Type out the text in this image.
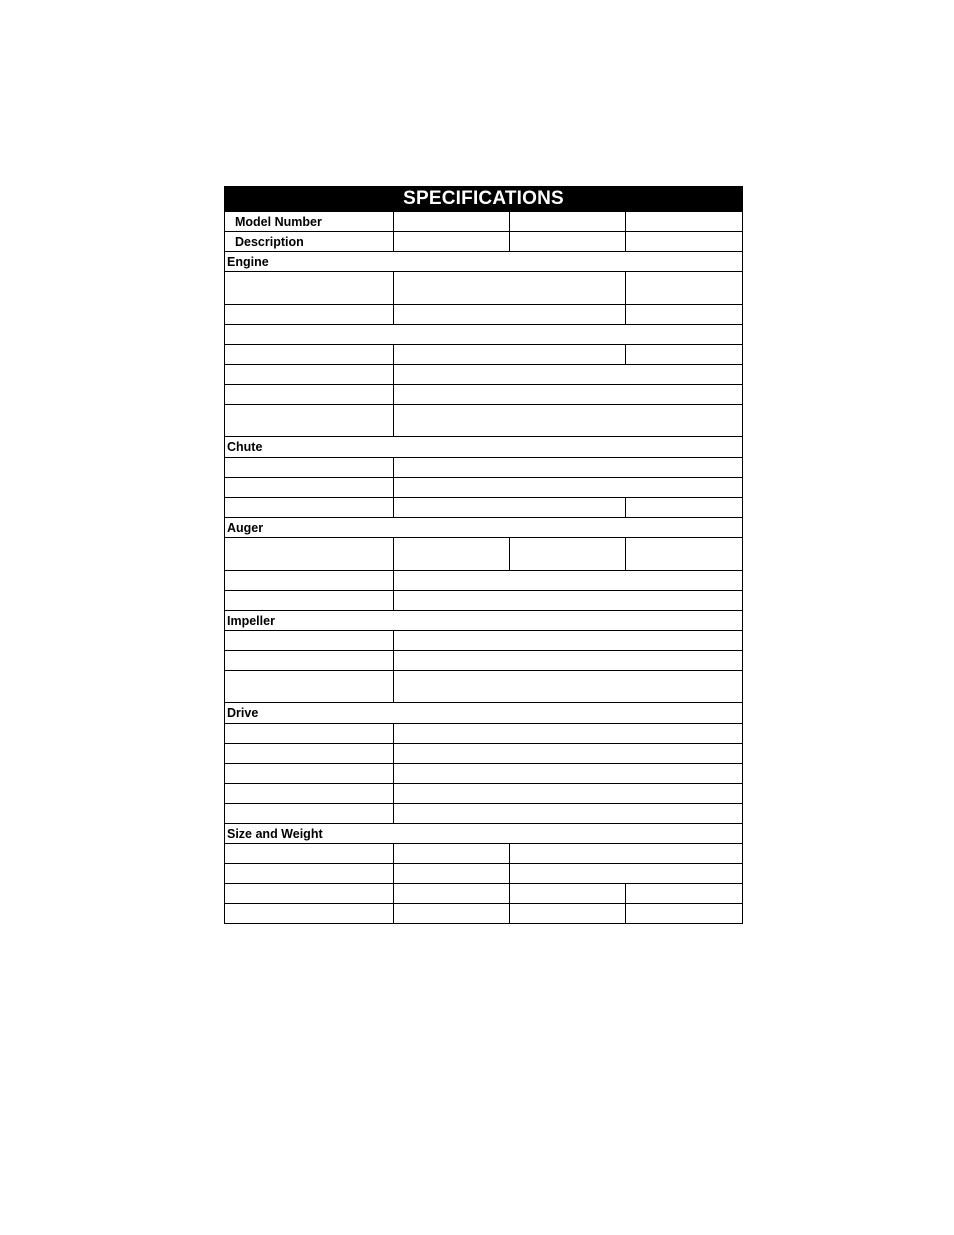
SPECIFICATIONS			
Model Number			
Description			
Engine			

Chute			

Auger			

Impeller			

Drive			

Size and Weight			
